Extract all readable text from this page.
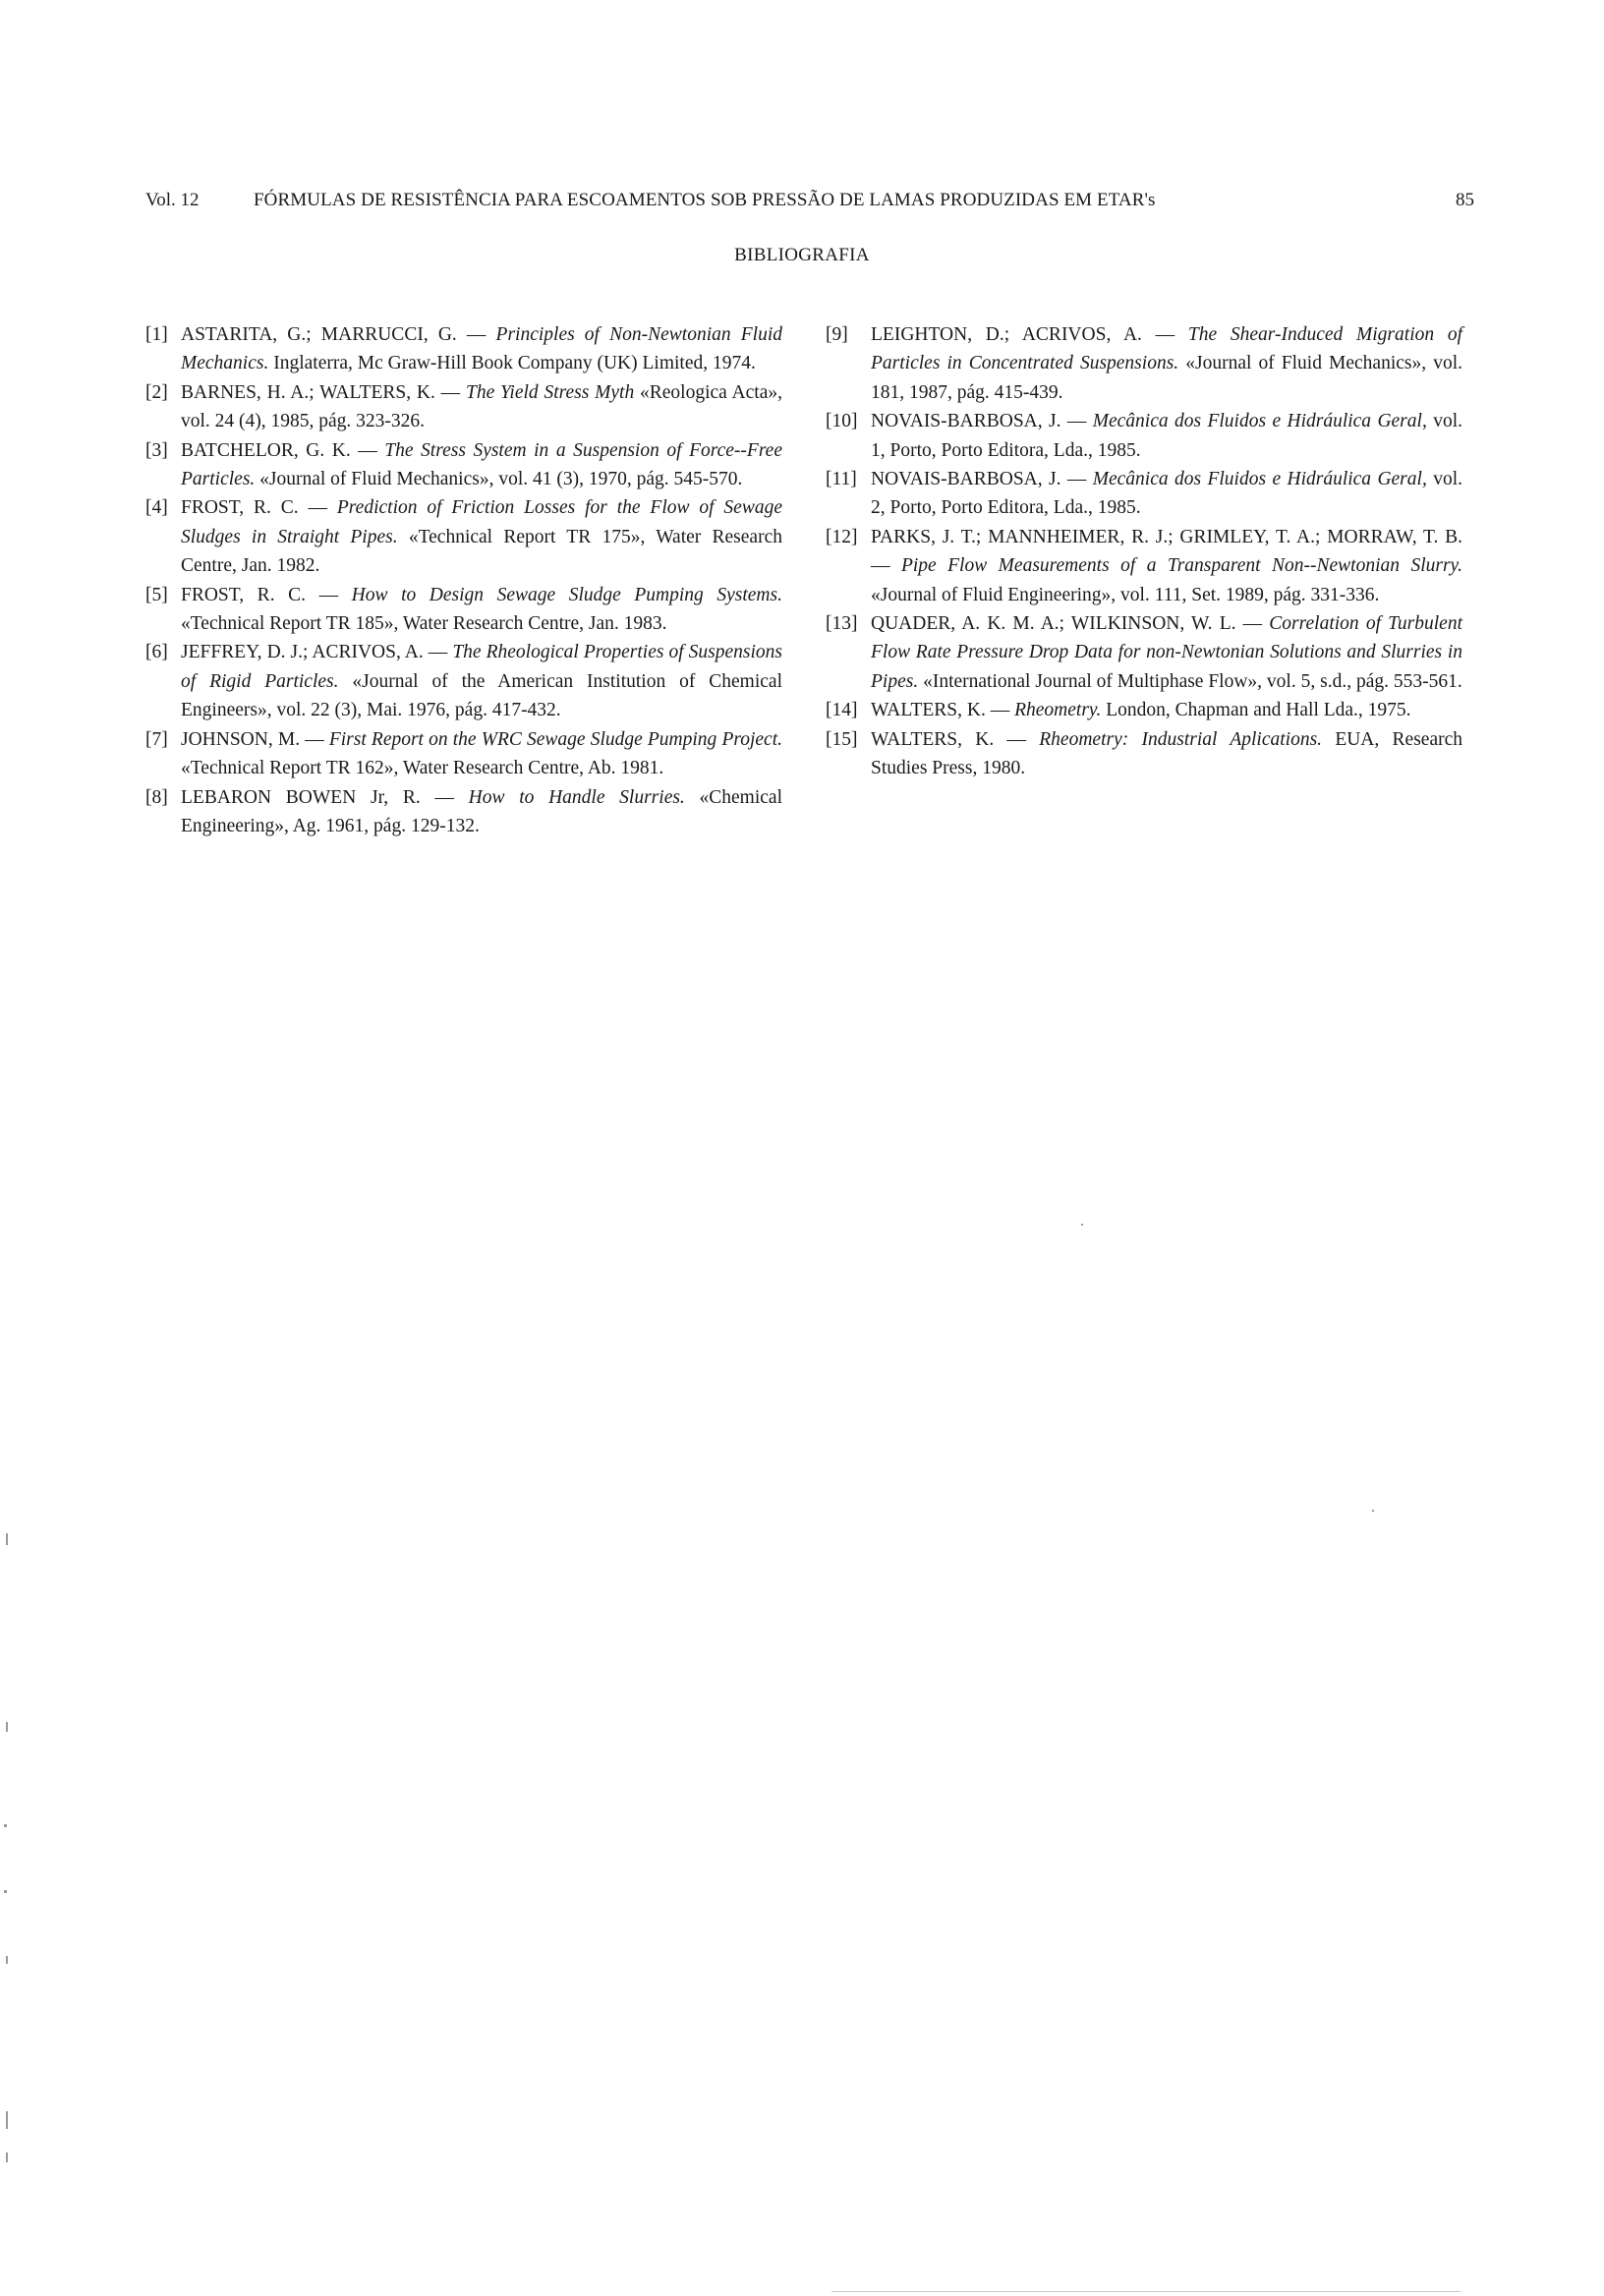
Vol. 12	FÓRMULAS DE RESISTÊNCIA PARA ESCOAMENTOS SOB PRESSÃO DE LAMAS PRODUZIDAS EM ETAR's	85
BIBLIOGRAFIA
[1] ASTARITA, G.; MARRUCCI, G. — Principles of Non-Newtonian Fluid Mechanics. Inglaterra, Mc Graw-Hill Book Company (UK) Limited, 1974.
[2] BARNES, H. A.; WALTERS, K. — The Yield Stress Myth «Reologica Acta», vol. 24 (4), 1985, pág. 323-326.
[3] BATCHELOR, G. K. — The Stress System in a Suspension of Force--Free Particles. «Journal of Fluid Mechanics», vol. 41 (3), 1970, pág. 545-570.
[4] FROST, R. C. — Prediction of Friction Losses for the Flow of Sewage Sludges in Straight Pipes. «Technical Report TR 175», Water Research Centre, Jan. 1982.
[5] FROST, R. C. — How to Design Sewage Sludge Pumping Systems. «Technical Report TR 185», Water Research Centre, Jan. 1983.
[6] JEFFREY, D. J.; ACRIVOS, A. — The Rheological Properties of Suspensions of Rigid Particles. «Journal of the American Institution of Chemical Engineers», vol. 22 (3), Mai. 1976, pág. 417-432.
[7] JOHNSON, M. — First Report on the WRC Sewage Sludge Pumping Project. «Technical Report TR 162», Water Research Centre, Ab. 1981.
[8] LEBARON BOWEN Jr, R. — How to Handle Slurries. «Chemical Engineering», Ag. 1961, pág. 129-132.
[9] LEIGHTON, D.; ACRIVOS, A. — The Shear-Induced Migration of Particles in Concentrated Suspensions. «Journal of Fluid Mechanics», vol. 181, 1987, pág. 415-439.
[10] NOVAIS-BARBOSA, J. — Mecânica dos Fluidos e Hidráulica Geral, vol. 1, Porto, Porto Editora, Lda., 1985.
[11] NOVAIS-BARBOSA, J. — Mecânica dos Fluidos e Hidráulica Geral, vol. 2, Porto, Porto Editora, Lda., 1985.
[12] PARKS, J. T.; MANNHEIMER, R. J.; GRIMLEY, T. A.; MORRAW, T. B. — Pipe Flow Measurements of a Transparent Non--Newtonian Slurry. «Journal of Fluid Engineering», vol. 111, Set. 1989, pág. 331-336.
[13] QUADER, A. K. M. A.; WILKINSON, W. L. — Correlation of Turbulent Flow Rate Pressure Drop Data for non-Newtonian Solutions and Slurries in Pipes. «International Journal of Multiphase Flow», vol. 5, s.d., pág. 553-561.
[14] WALTERS, K. — Rheometry. London, Chapman and Hall Lda., 1975.
[15] WALTERS, K. — Rheometry: Industrial Aplications. EUA, Research Studies Press, 1980.
